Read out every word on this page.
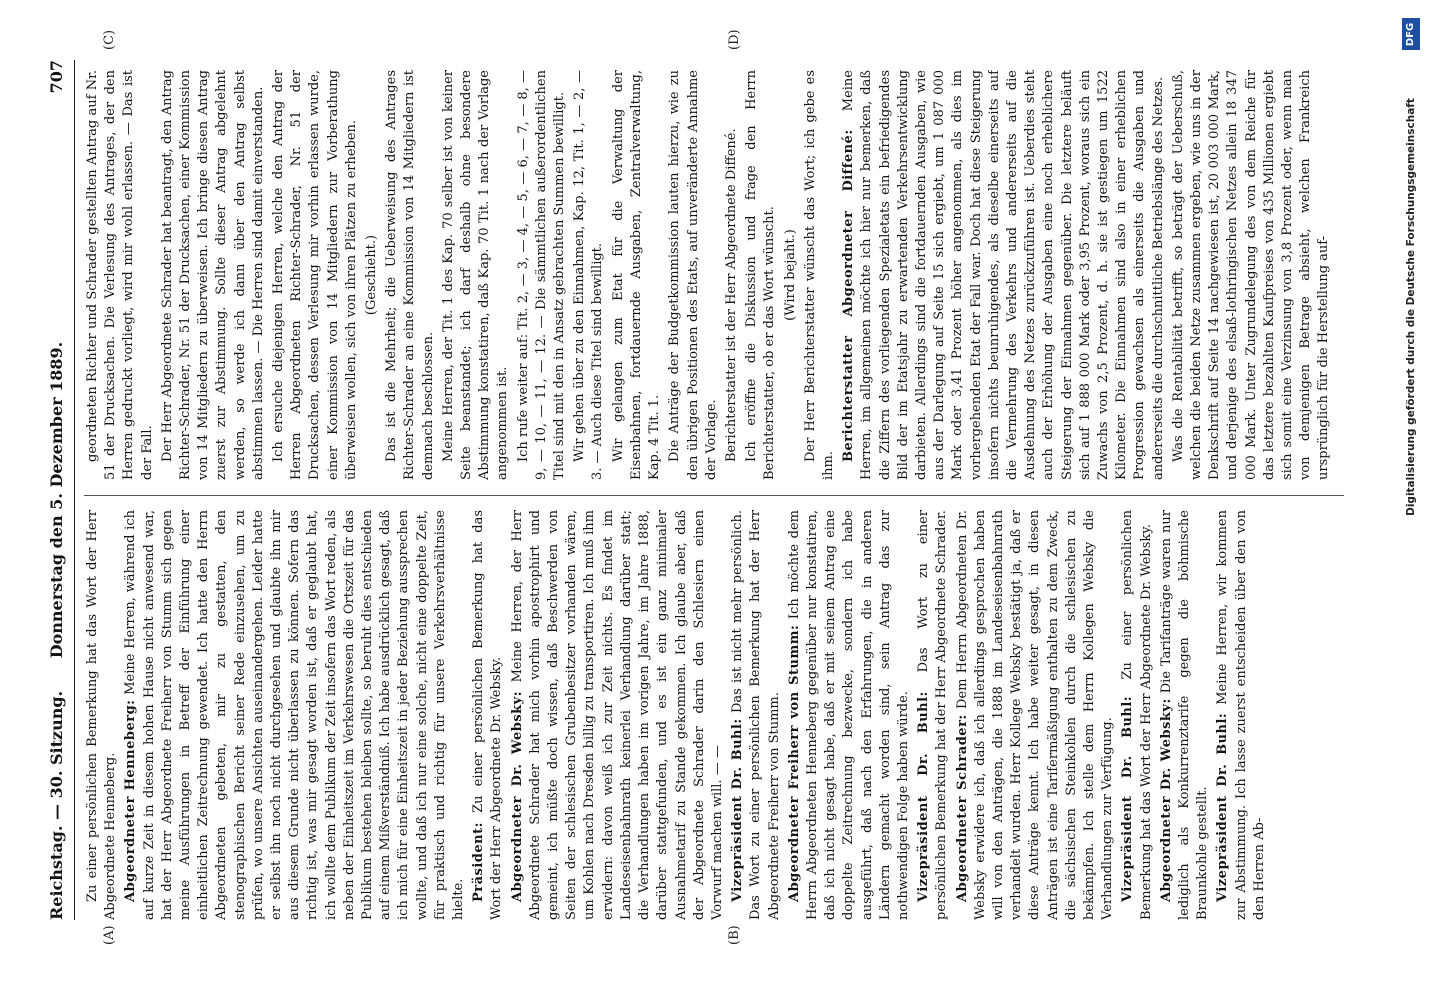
Reichstag. — 30. Sitzung.
707
Donnerstag den 5. Dezember 1889.
(A)	(B)
(C)	(D)

Zu einer persönlichen Bemerkung hat das Wort der Herr Abgeordnete Henneberg. Abgeordneter Henneberg: Meine Herren, während ich auf kurze Zeit in diesem hohen Hause nicht anwesend war, hat der Herr Abgeordnete Freiherr von Stumm sich gegen meine Ausführungen in Betreff der Einführung einer einheitlichen Zeitrechnung gewendet. Ich hatte den Herrn Abgeordneten gebeten, mir zu gestatten, den stenographischen Bericht seiner Rede einzusehen, um zu prüfen, wo unsere Ansichten auseinandergehen. Leider hatte er selbst ihn noch nicht durchgesehen und glaubte ihn mir aus diesem Grunde nicht überlassen zu können. Sofern das richtig ist, was mir gesagt worden ist, daß er geglaubt hat, ich wollte dem Publikum der Zeit insofern das Wort reden, als neben der Einheitszeit im Verkehrswesen die Ortszeit für das Publikum bestehen bleiben sollte, so beruht dies entschieden auf einem Mißverständniß. Ich habe ausdrücklich gesagt, daß ich mich für eine Einheitszeit in jeder Beziehung aussprechen wollte, und daß ich nur eine solche, nicht eine doppelte Zeit, für praktisch und richtig für unsere Verkehrsverhältnisse hielte. Präsident: Zu einer persönlichen Bemerkung hat das Wort der Herr Abgeordnete Dr. Websky. Abgeordneter Dr. Websky: Meine Herren, der Herr Abgeordnete Schrader hat mich vorhin apostrophirt und gemeint, ich müßte doch wissen, daß Beschwerden von Seiten der schlesischen Grubenbesitzer vorhanden wären, um Kohlen nach Dresden billig zu transportiren. Ich muß ihm erwidern: davon weiß ich zur Zeit nichts. Es findet im Landeseisenbahnrath keinerlei Verhandlung darüber statt; die Verhandlungen haben im vorigen Jahre, im Jahre 1888, darüber stattgefunden, und es ist ein ganz minimaler Ausnahmetarif zu Stande gekommen. Ich glaube aber, daß der Abgeordnete Schrader darin den Schlesiern einen Vorwurf machen will. — — Vizepräsident Dr. Buhl: Das ist nicht mehr persönlich. Das Wort zu einer persönlichen Bemerkung hat der Herr Abgeordnete Freiherr von Stumm. Abgeordneter Freiherr von Stumm: Ich möchte dem Herrn Abgeordneten Henneberg gegenüber nur konstatiren, daß ich nicht gesagt habe, daß er mit seinem Antrag eine doppelte Zeitrechnung bezwecke, sondern ich habe ausgeführt, daß nach den Erfahrungen, die in anderen Ländern gemacht worden sind, sein Antrag das zur nothwendigen Folge haben würde. Vizepräsident Dr. Buhl: Das Wort zu einer persönlichen Bemerkung hat der Herr Abgeordnete Schrader. Abgeordneter Schrader: Dem Herrn Abgeordneten Dr. Websky erwidere ich, daß ich allerdings gesprochen haben will von den Anträgen, die 1888 im Landeseisenbahnrath verhandelt wurden. Herr Kollege Websky bestätigt ja, daß er diese Anträge kennt. Ich habe weiter gesagt, in diesen Anträgen ist eine Tarifermäßigung enthalten zu dem Zweck, die sächsischen Steinkohlen durch die schlesischen zu bekämpfen. Ich stelle dem Herrn Kollegen Websky die Verhandlungen zur Verfügung. Vizepräsident Dr. Buhl: Zu einer persönlichen Bemerkung hat das Wort der Herr Abgeordnete Dr. Websky. Abgeordneter Dr. Websky: Die Tarifanträge waren nur lediglich als Konkurrenztarife gegen die böhmische Braunkohle gestellt. Vizepräsident Dr. Buhl: Meine Herren, wir kommen zur Abstimmung. Ich lasse zuerst entscheiden über den von den Herren Ab-

geordneten Richter und Schrader gestellten Antrag auf Nr. 51 der Drucksachen. Die Verlesung des Antrages, der den Herren gedruckt vorliegt, wird mir wohl erlassen. — Das ist der Fall. Der Herr Abgeordnete Schrader hat beantragt, den Antrag Richter-Schrader, Nr. 51 der Drucksachen, einer Kommission von 14 Mitgliedern zu überweisen. Ich bringe diesen Antrag zuerst zur Abstimmung. Sollte dieser Antrag abgelehnt werden, so werde ich dann über den Antrag selbst abstimmen lassen. — Die Herren sind damit einverstanden. Ich ersuche diejenigen Herren, welche den Antrag der Herren Abgeordneten Richter-Schrader, Nr. 51 der Drucksachen, dessen Verlesung mir vorhin erlassen wurde, einer Kommission von 14 Mitgliedern zur Vorberathung überweisen wollen, sich von ihren Plätzen zu erheben. (Geschieht.) Das ist die Mehrheit; die Ueberweisung des Antrages Richter-Schrader an eine Kommission von 14 Mitgliedern ist demnach beschlossen. Meine Herren, der Tit. 1 des Kap. 70 selber ist von keiner Seite beanstandet; ich darf deshalb ohne besondere Abstimmung konstatiren, daß Kap. 70 Tit. 1 nach der Vorlage angenommen ist. Ich rufe weiter auf: Tit. 2, — 3, — 4, — 5, — 6, — 7, — 8, — 9, — 10, — 11, — 12. — Die sämmtlichen außerordentlichen Titel sind mit den in Ansatz gebrachten Summen bewilligt. Wir gehen über zu den Einnahmen, Kap. 12, Tit. 1, — 2, — 3. — Auch diese Titel sind bewilligt. Wir gelangen zum Etat für die Verwaltung der Eisenbahnen, fortdauernde Ausgaben, Zentralverwaltung, Kap. 4 Tit. 1. Die Anträge der Budgetkommission lauten hierzu, wie zu den übrigen Positionen des Etats, auf unveränderte Annahme der Vorlage. Berichterstatter ist der Herr Abgeordnete Diffené. Ich eröffne die Diskussion und frage den Herrn Berichterstatter, ob er das Wort wünscht. (Wird bejaht.) Der Herr Berichterstatter wünscht das Wort; ich gebe es ihm.

Berichterstatter Abgeordneter Diffené: Meine Herren, im allgemeinen möchte ich hier nur bemerken, daß die Ziffern des vorliegenden Spezialetats ein befriedigendes Bild der im Etatsjahr zu erwartenden Verkehrsentwicklung darbieten. Allerdings sind die fortdauernden Ausgaben, wie aus der Darlegung auf Seite 15 sich ergiebt, um 1 087 000 Mark oder 3,41 Prozent höher angenommen, als dies im vorhergehenden Etat der Fall war. Doch hat diese Steigerung insofern nichts beunruhigendes, als dieselbe einerseits auf die Vermehrung des Verkehrs und andererseits auf die Ausdehnung des Netzes zurückzuführen ist. Ueberdies steht auch der Erhöhung der Ausgaben eine noch erheblichere Steigerung der Einnahmen gegenüber. Die letztere beläuft sich auf 1 888 000 Mark oder 3,95 Prozent, woraus sich ein Zuwachs von 2,5 Prozent, d. h. sie ist gestiegen um 1522 Kilometer. Die Einnahmen sind also in einer erheblichen Progression gewachsen als einerseits die Ausgaben und andererseits die durchschnittliche Betriebslänge des Netzes. Was die Rentabilität betrifft, so beträgt der Ueberschuß, welchen die beiden Netze zusammen ergeben, wie uns in der Denkschrift auf Seite 14 nachgewiesen ist, 20 003 000 Mark, und derjenige des elsaß-lothringischen Netzes allein 18 347 000 Mark. Unter Zugrundelegung des von dem Reiche für das letztere bezahlten Kaufpreises von 435 Millionen ergiebt sich somit eine Verzinsung von 3,8 Prozent oder, wenn man von demjenigen Betrage absieht, welchen Frankreich ursprünglich für die Herstellung auf-

DFG
Digitalisierung gefördert durch die Deutsche Forschungsgemeinschaft
